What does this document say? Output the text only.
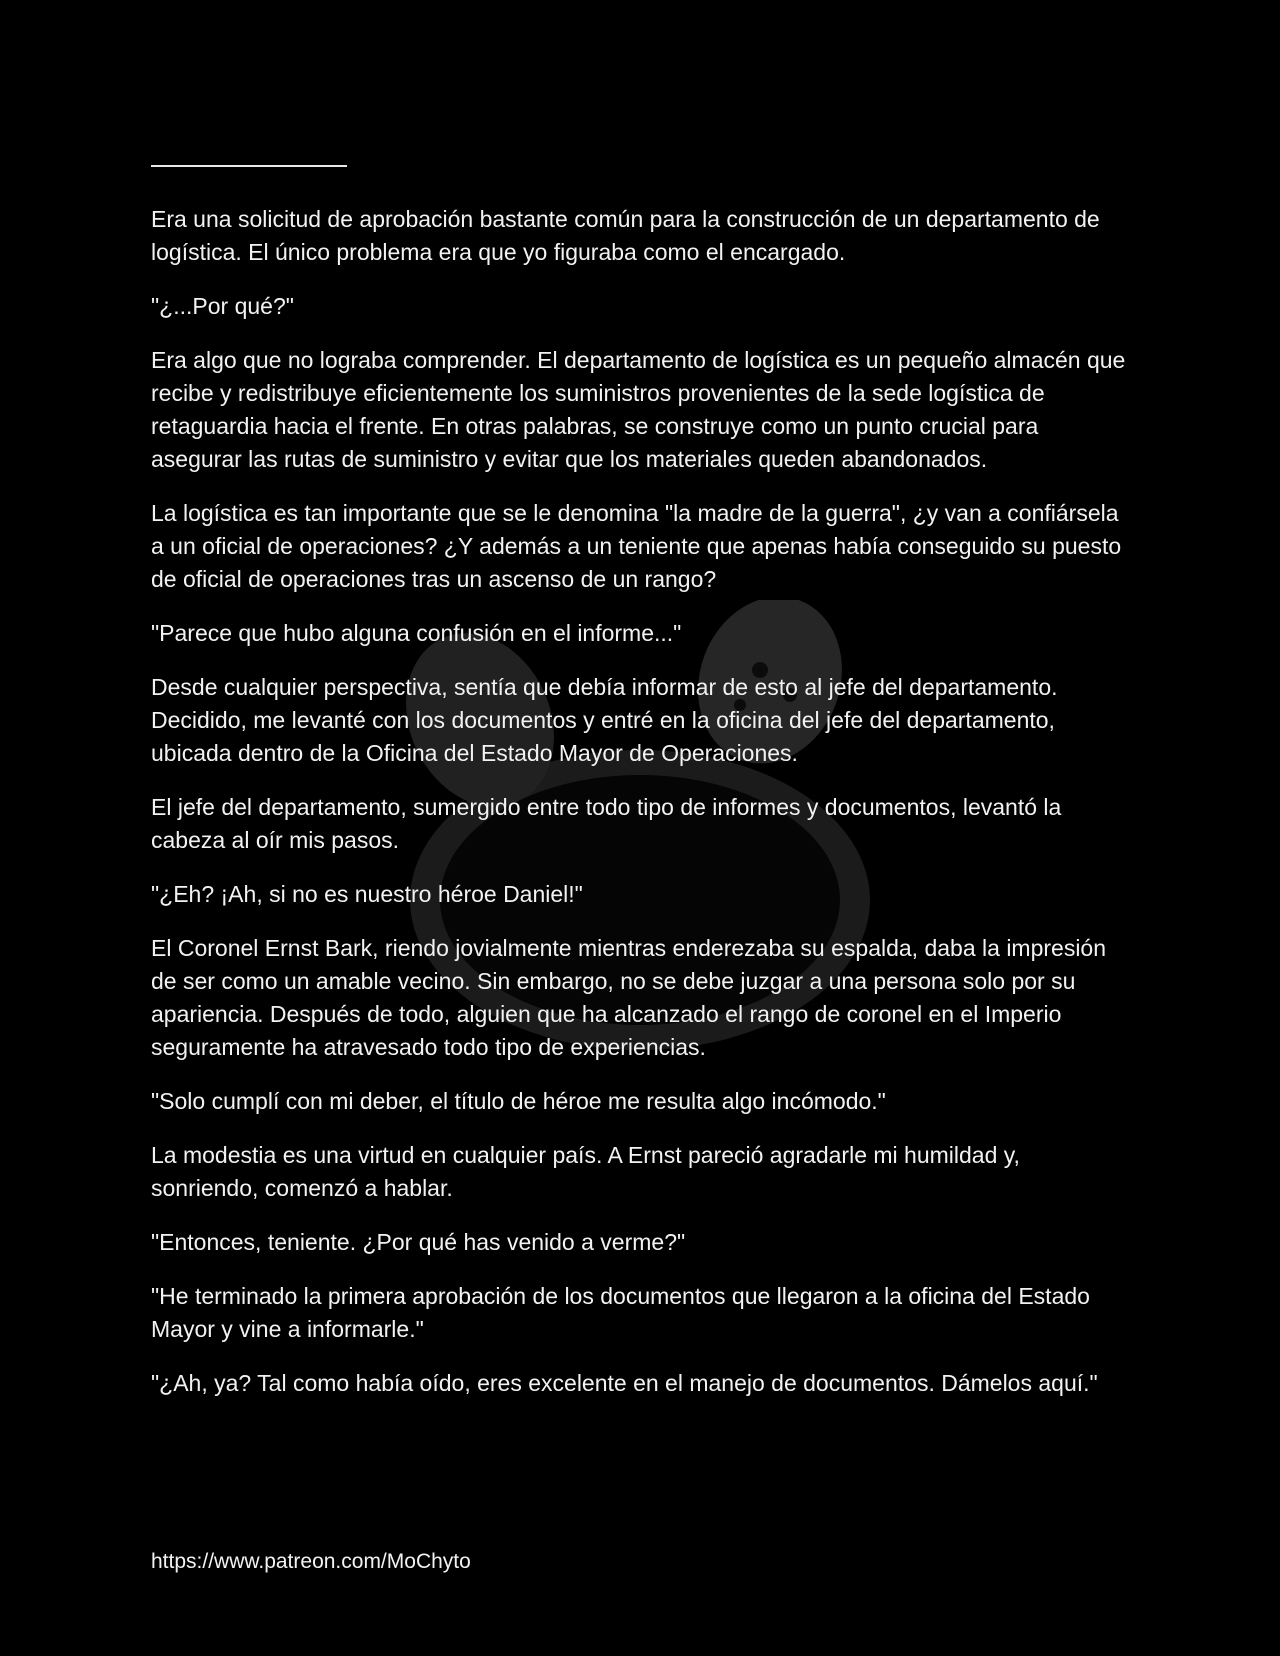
Era una solicitud de aprobación bastante común para la construcción de un departamento de logística. El único problema era que yo figuraba como el encargado.

"¿...Por qué?"

Era algo que no lograba comprender. El departamento de logística es un pequeño almacén que recibe y redistribuye eficientemente los suministros provenientes de la sede logística de retaguardia hacia el frente. En otras palabras, se construye como un punto crucial para asegurar las rutas de suministro y evitar que los materiales queden abandonados.

La logística es tan importante que se le denomina "la madre de la guerra", ¿y van a confiársela a un oficial de operaciones? ¿Y además a un teniente que apenas había conseguido su puesto de oficial de operaciones tras un ascenso de un rango?

"Parece que hubo alguna confusión en el informe..."

Desde cualquier perspectiva, sentía que debía informar de esto al jefe del departamento. Decidido, me levanté con los documentos y entré en la oficina del jefe del departamento, ubicada dentro de la Oficina del Estado Mayor de Operaciones.

El jefe del departamento, sumergido entre todo tipo de informes y documentos, levantó la cabeza al oír mis pasos.

"¿Eh? ¡Ah, si no es nuestro héroe Daniel!"

El Coronel Ernst Bark, riendo jovialmente mientras enderezaba su espalda, daba la impresión de ser como un amable vecino. Sin embargo, no se debe juzgar a una persona solo por su apariencia. Después de todo, alguien que ha alcanzado el rango de coronel en el Imperio seguramente ha atravesado todo tipo de experiencias.

"Solo cumplí con mi deber, el título de héroe me resulta algo incómodo."

La modestia es una virtud en cualquier país. A Ernst pareció agradarle mi humildad y, sonriendo, comenzó a hablar.

"Entonces, teniente. ¿Por qué has venido a verme?"

"He terminado la primera aprobación de los documentos que llegaron a la oficina del Estado Mayor y vine a informarle."

"¿Ah, ya? Tal como había oído, eres excelente en el manejo de documentos. Dámelos aquí."

https://www.patreon.com/MoChyto
